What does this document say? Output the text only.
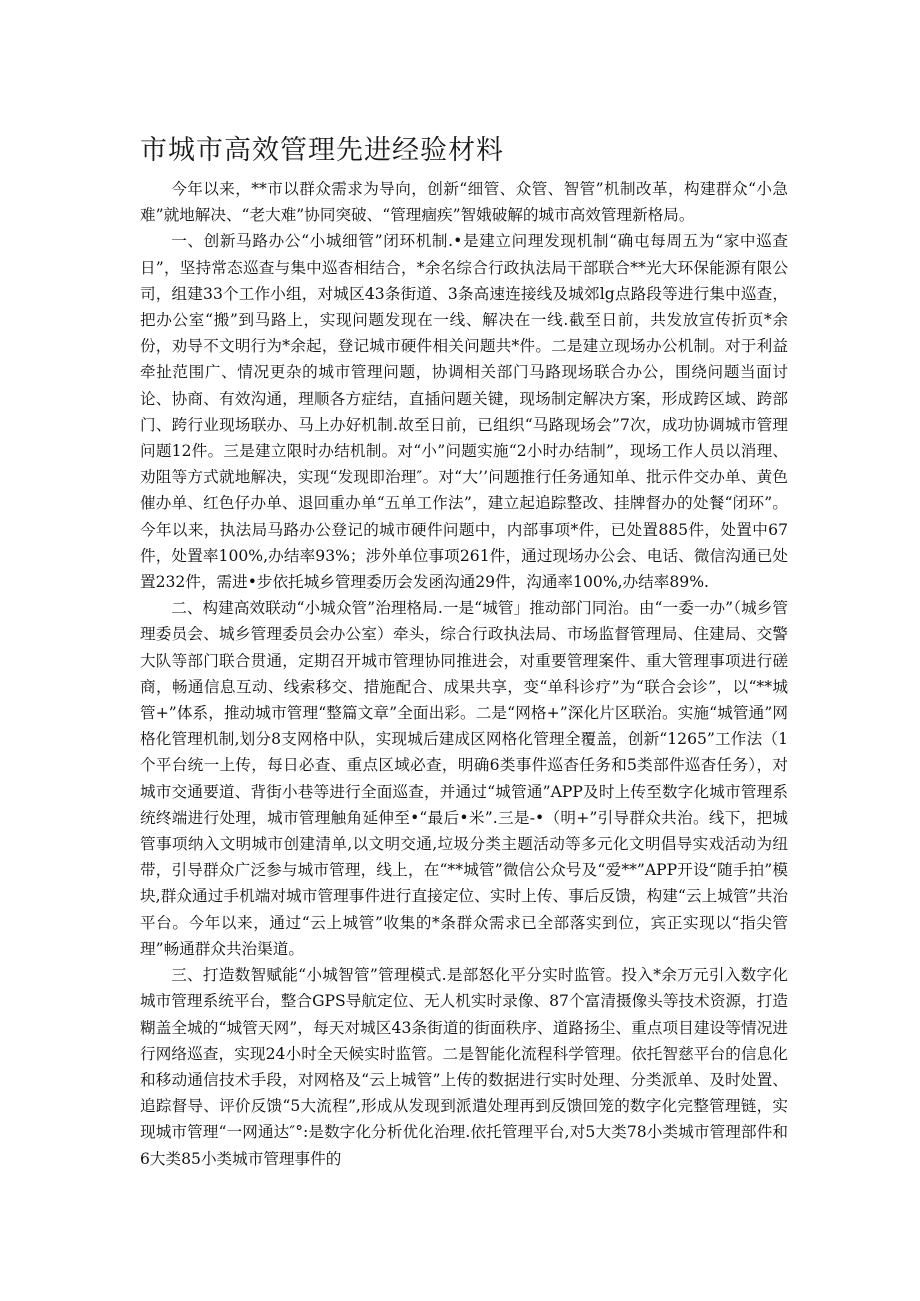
市城市高效管理先进经验材料

今年以来，**市以群众需求为导向，创新“细管、众管、智管”机制改革，构建群众“小急难”就地解决、“老大难”协同突破、“管理痼疾”智娥破解的城市高效管理新格局。

一、创新马路办公“小城细管”闭环机制.•是建立问理发现机制“确屯每周五为“家中巡查日”，坚持常态巡查与集中巡杳相结合，*余名综合行政执法局干部联合**光大环保能源有限公司，组建33个工作小组，对城区43条街道、3条高速连接线及城郊lg点路段等进行集中巡查，把办公室“搬”到马路上，实现问题发现在一线、解决在一线.截至日前，共发放宣传折页*余份，劝导不文明行为*余起，登记城市硬件相关问题共*件。二是建立现场办公机制。对于利益牵扯范围广、情况更杂的城市管理问题，协调相关部门马路现场联合办公，围绕问题当面讨论、协商、有效沟通，理顺各方症结，直插问题关键，现场制定解决方案，形成跨区域、跨部门、跨行业现场联办、马上办好机制.故至日前，已组织“马路现场会”7次，成功协调城市管理问题12件。三是建立限时办结机制。对“小”问题实施“2小时办结制”，现场工作人员以消理、劝阻等方式就地解决，实现“发现即治理″。对“大’’问题推行任务通知单、批示件交办单、黄色催办单、红色仔办单、退回重办单“五单工作法”，建立起追踪整改、挂牌督办的处餐“闭环”。今年以来，执法局马路办公登记的城市硬件问题中，内部事项*件，已处置885件，处置中67件，处置率100%,办结率93%；涉外单位事项261件，通过现场办公会、电话、微信沟通已处置232件，需进•步依托城乡管理委历会发函沟通29件，沟通率100%,办结率89%.

二、构建高效联动“小城众管”治理格局.一是“城管」推动部门同治。由“一委一办”（城乡管理委员会、城乡管理委员会办公室）牵头，综合行政执法局、市场监督管理局、住建局、交警大队等部门联合贯通，定期召开城市管理协同推进会，对重要管理案件、重大管理事项进行磋商，畅通信息互动、线索移交、措施配合、成果共享，变“单科诊疗”为“联合会诊”，以“**城管+”体系，推动城市管理“整篇文章”全面出彩。二是“网格+”深化片区联治。实施“城管通”网格化管理机制,划分8支网格中队，实现城后建成区网格化管理全覆盖，创新“1265”工作法（1个平台统一上传，每日必查、重点区域必查，明确6类事件巡杳任务和5类部件巡杳任务），对城市交通要道、背街小巷等进行全面巡查，并通过“城管通”APP及时上传至数字化城市管理系统终端进行处理，城市管理触角延伸至•“最后•米”.三是-•（明+”引导群众共治。线下，把城管事项纳入文明城市创建清单,以文明交通,垃圾分类主题活动等多元化文明倡导实戏活动为纽带，引导群众广泛参与城市管理，线上，在“**城管”微信公众号及“爱**”APP开设“随手拍”模块,群众通过手机端对城市管理事件进行直接定位、实时上传、事后反馈，构建“云上城管”共治平台。今年以来，通过“云上城管”收集的*条群众需求已全部落实到位，宾正实现以“指尖管理”畅通群众共治渠道。

三、打造数智赋能“小城智管”管理模式.是部怒化平分实时监管。投入*余万元引入数字化城市管理系统平台，整合GPS导航定位、无人机实时录像、87个富清摄像头等技术资源，打造糊盖全城的“城管天网”，每天对城区43条街道的街面秩序、道路扬尘、重点项目建设等情况进行网络巡查，实现24小时全天候实时监管。二是智能化流程科学管理。依托智慈平台的信息化和移动通信技术手段，对网格及“云上城管”上传的数据进行实时处理、分类派单、及时处置、追踪督导、评价反馈“5大流程”,形成从发现到派遣处理再到反馈回笼的数字化完整管理链，实现城市管理“一网通达″°:是数字化分析优化治理.依托管理平台,对5大类78小类城市管理部件和6大类85小类城市管理事件的
